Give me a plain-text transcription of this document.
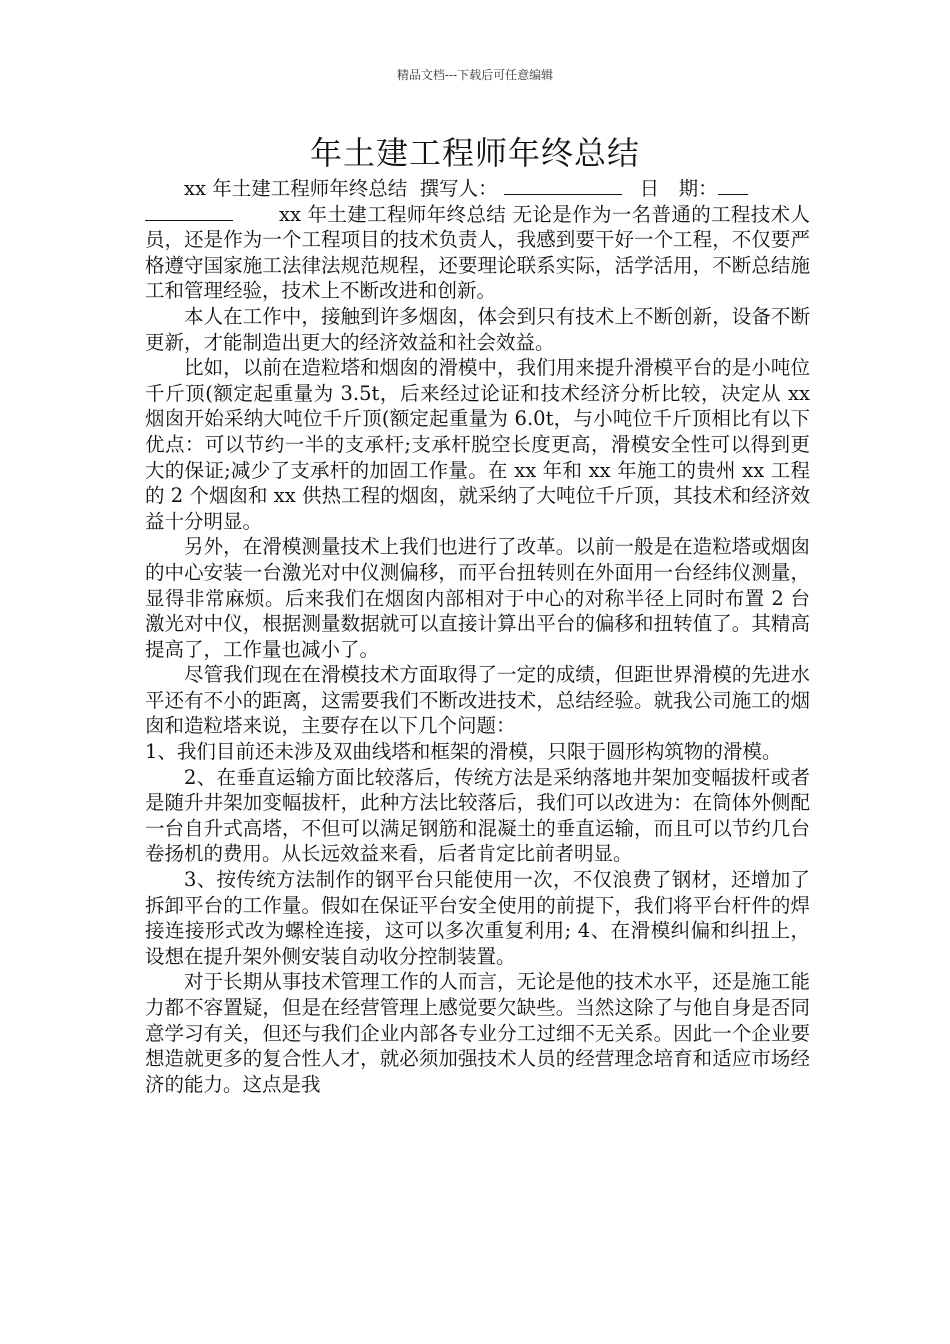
精品文档---下载后可任意编辑
年土建工程师年终总结

xx 年土建工程师年终总结 撰写人：	日　期：
xx 年土建工程师年终总结 无论是作为一名普通的工程技术人员，还是作为一个工程项目的技术负责人，我感到要干好一个工程，不仅要严格遵守国家施工法律法规范规程，还要理论联系实际，活学活用，不断总结施工和管理经验，技术上不断改进和创新。

本人在工作中，接触到许多烟囱，体会到只有技术上不断创新，设备不断更新，才能制造出更大的经济效益和社会效益。

比如，以前在造粒塔和烟囱的滑模中，我们用来提升滑模平台的是小吨位千斤顶(额定起重量为 3.5t，后来经过论证和技术经济分析比较，决定从 xx 烟囱开始采纳大吨位千斤顶(额定起重量为 6.0t，与小吨位千斤顶相比有以下优点：可以节约一半的支承杆;支承杆脱空长度更高，滑模安全性可以得到更大的保证;减少了支承杆的加固工作量。在 xx 年和 xx 年施工的贵州 xx 工程的 2 个烟囱和 xx 供热工程的烟囱，就采纳了大吨位千斤顶，其技术和经济效益十分明显。

另外，在滑模测量技术上我们也进行了改革。以前一般是在造粒塔或烟囱的中心安装一台激光对中仪测偏移，而平台扭转则在外面用一台经纬仪测量，显得非常麻烦。后来我们在烟囱内部相对于中心的对称半径上同时布置 2 台激光对中仪，根据测量数据就可以直接计算出平台的偏移和扭转值了。其精高提高了，工作量也减小了。

尽管我们现在在滑模技术方面取得了一定的成绩，但距世界滑模的先进水平还有不小的距离，这需要我们不断改进技术，总结经验。就我公司施工的烟囱和造粒塔来说，主要存在以下几个问题：

1、我们目前还未涉及双曲线塔和框架的滑模，只限于圆形构筑物的滑模。

2、在垂直运输方面比较落后，传统方法是采纳落地井架加变幅拔杆或者是随升井架加变幅拔杆，此种方法比较落后，我们可以改进为：在筒体外侧配一台自升式高塔，不但可以满足钢筋和混凝土的垂直运输，而且可以节约几台卷扬机的费用。从长远效益来看，后者肯定比前者明显。

3、按传统方法制作的钢平台只能使用一次，不仅浪费了钢材，还增加了拆卸平台的工作量。假如在保证平台安全使用的前提下，我们将平台杆件的焊接连接形式改为螺栓连接，这可以多次重复利用; 4、在滑模纠偏和纠扭上，设想在提升架外侧安装自动收分控制装置。

对于长期从事技术管理工作的人而言，无论是他的技术水平，还是施工能力都不容置疑，但是在经营管理上感觉要欠缺些。当然这除了与他自身是否同意学习有关，但还与我们企业内部各专业分工过细不无关系。因此一个企业要想造就更多的复合性人才，就必须加强技术人员的经营理念培育和适应市场经济的能力。这点是我
